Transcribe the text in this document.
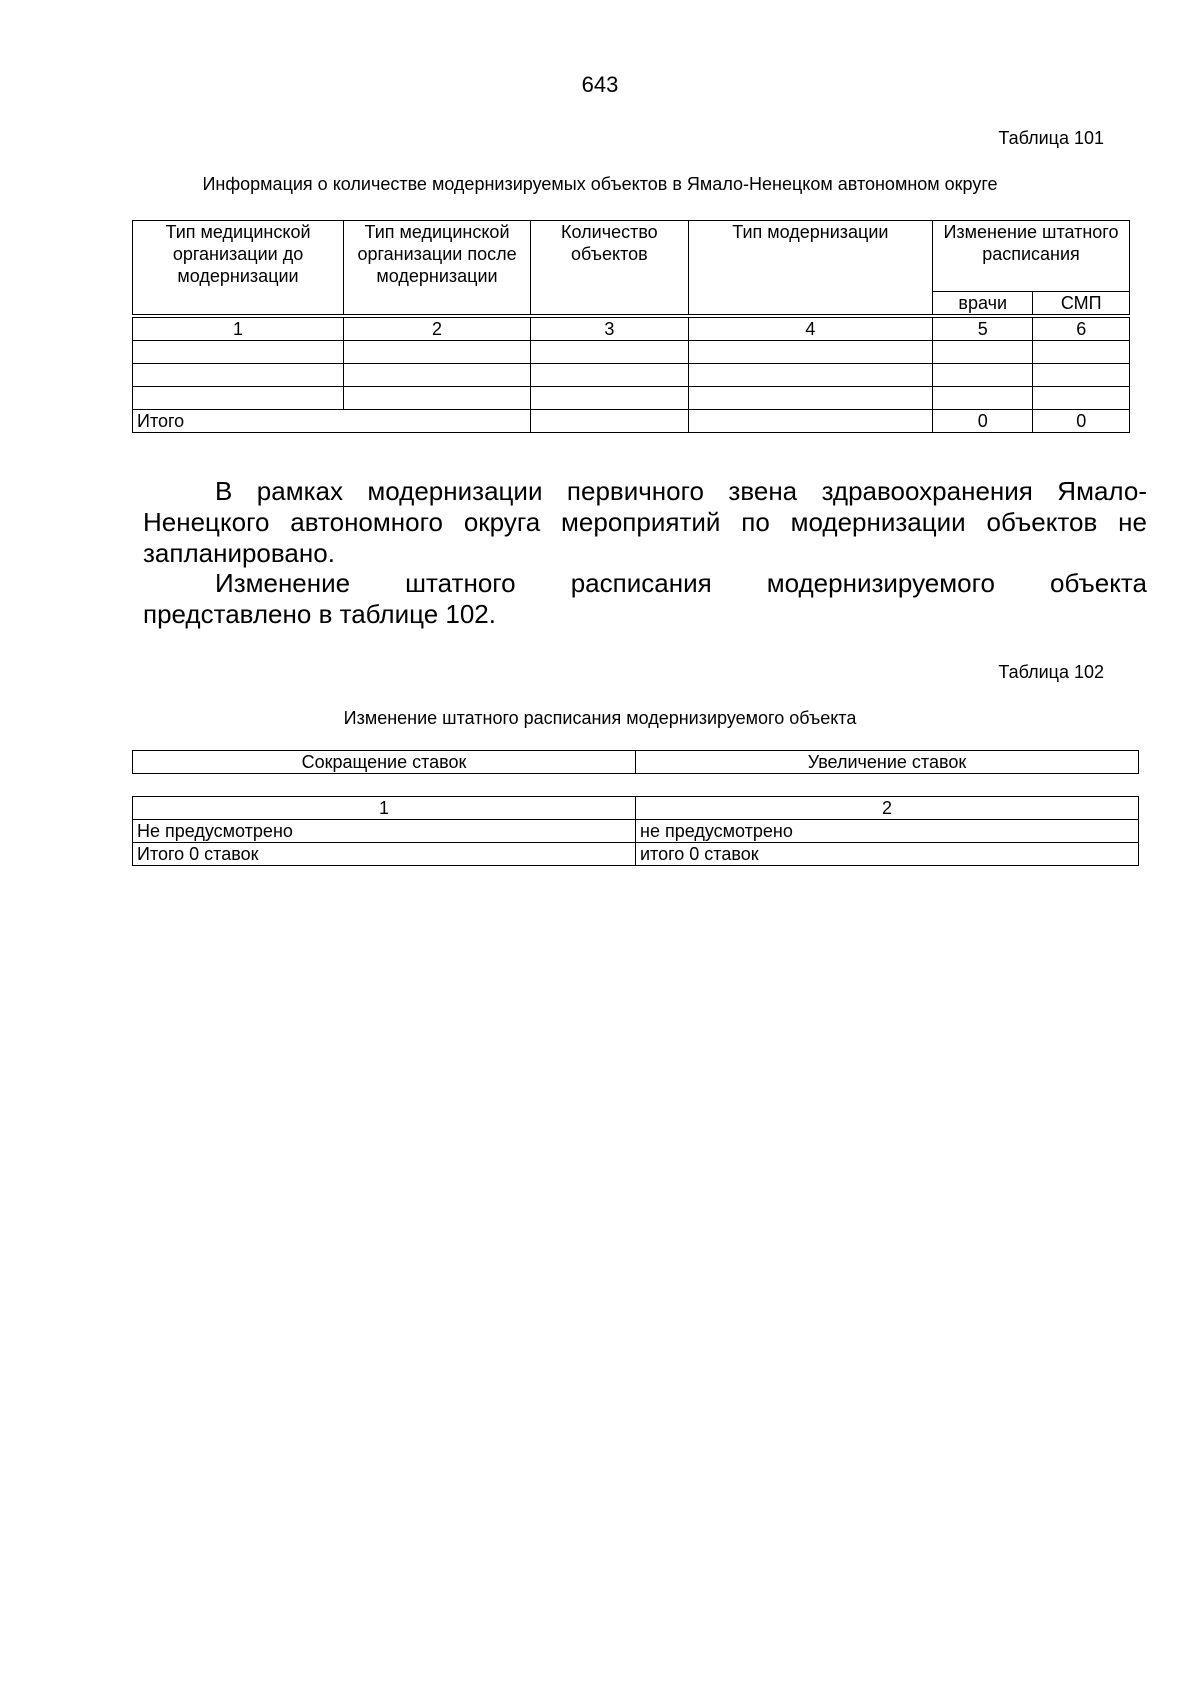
643
Таблица 101
Информация о количестве модернизируемых объектов в Ямало-Ненецком автономном округе
Тип медицинской организации до модернизации	Тип медицинской организации после модернизации	Количество объектов	Тип модернизации	Изменение штатного расписания	
				врачи	СМП

1	2	3	4	5	6

Итого				0	0
В рамках модернизации первичного звена здравоохранения Ямало-Ненецкого автономного округа мероприятий по модернизации объектов не запланировано.
Изменение штатного расписания модернизируемого объекта
представлено в таблице 102.
Таблица 102
Изменение штатного расписания модернизируемого объекта
Сокращение ставок	Увеличение ставок

1	2
Не предусмотрено	не предусмотрено
Итого 0 ставок	итого 0 ставок
